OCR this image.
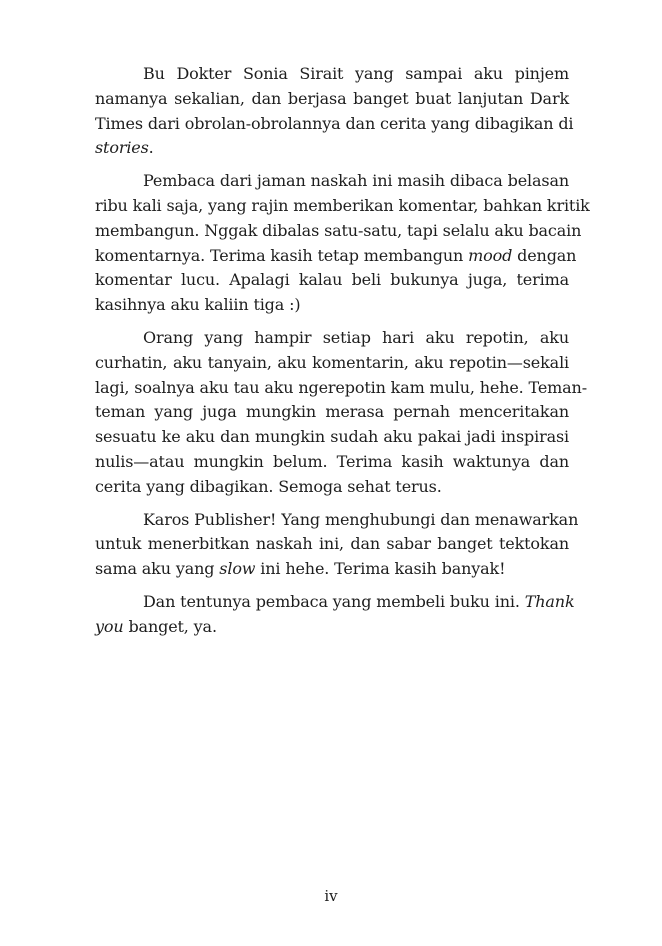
Bu Dokter Sonia Sirait yang sampai aku pinjem
namanya sekalian, dan berjasa banget buat lanjutan Dark
Times dari obrolan-obrolannya dan cerita yang dibagikan di
stories.

Pembaca dari jaman naskah ini masih dibaca belasan
ribu kali saja, yang rajin memberikan komentar, bahkan kritik
membangun. Nggak dibalas satu-satu, tapi selalu aku bacain
komentarnya. Terima kasih tetap membangun mood dengan
komentar lucu. Apalagi kalau beli bukunya juga, terima
kasihnya aku kaliin tiga :)

Orang yang hampir setiap hari aku repotin, aku
curhatin, aku tanyain, aku komentarin, aku repotin—sekali
lagi, soalnya aku tau aku ngerepotin kam mulu, hehe. Teman-
teman yang juga mungkin merasa pernah menceritakan
sesuatu ke aku dan mungkin sudah aku pakai jadi inspirasi
nulis—atau mungkin belum. Terima kasih waktunya dan
cerita yang dibagikan. Semoga sehat terus.

Karos Publisher! Yang menghubungi dan menawarkan
untuk menerbitkan naskah ini, dan sabar banget tektokan
sama aku yang slow ini hehe. Terima kasih banyak!

Dan tentunya pembaca yang membeli buku ini. Thank
you banget, ya.

iv
